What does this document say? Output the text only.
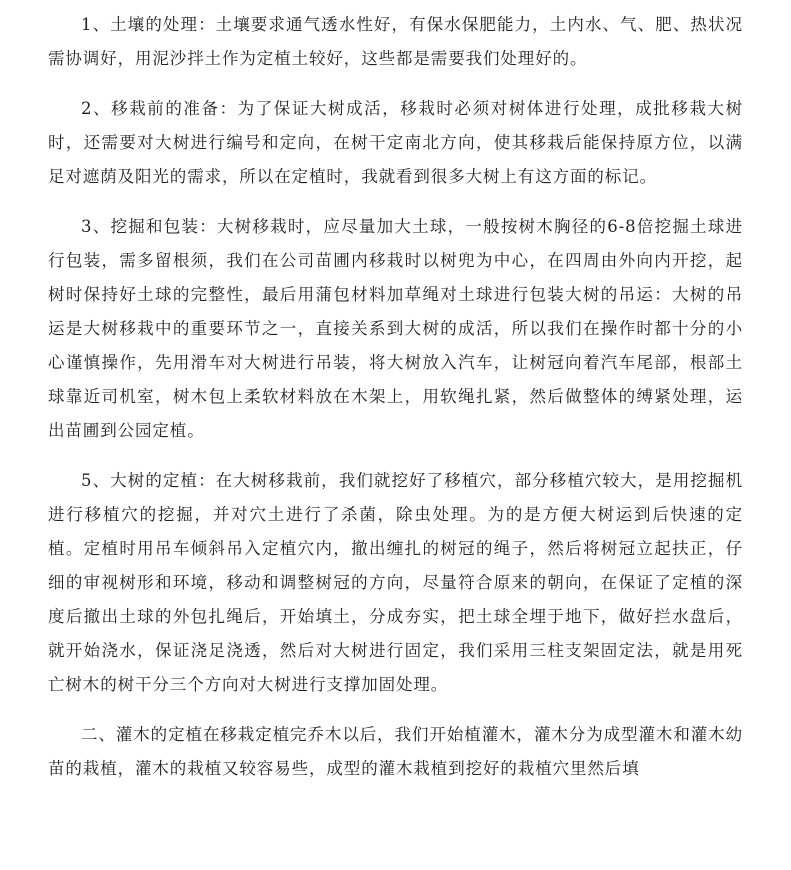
1、土壤的处理：土壤要求通气透水性好，有保水保肥能力，土内水、气、肥、热状况需协调好，用泥沙拌土作为定植土较好，这些都是需要我们处理好的。

2、移栽前的准备：为了保证大树成活，移栽时必须对树体进行处理，成批移栽大树时，还需要对大树进行编号和定向，在树干定南北方向，使其移栽后能保持原方位，以满足对遮荫及阳光的需求，所以在定植时，我就看到很多大树上有这方面的标记。

3、挖掘和包装：大树移栽时，应尽量加大土球，一般按树木胸径的6-8倍挖掘土球进行包装，需多留根须，我们在公司苗圃内移栽时以树兜为中心，在四周由外向内开挖，起树时保持好土球的完整性，最后用蒲包材料加草绳对土球进行包装大树的吊运：大树的吊运是大树移栽中的重要环节之一，直接关系到大树的成活，所以我们在操作时都十分的小心谨慎操作，先用滑车对大树进行吊装，将大树放入汽车，让树冠向着汽车尾部，根部土球靠近司机室，树木包上柔软材料放在木架上，用软绳扎紧，然后做整体的缚紧处理，运出苗圃到公园定植。

5、大树的定植：在大树移栽前，我们就挖好了移植穴，部分移植穴较大，是用挖掘机进行移植穴的挖掘，并对穴土进行了杀菌，除虫处理。为的是方便大树运到后快速的定植。定植时用吊车倾斜吊入定植穴内，撤出缠扎的树冠的绳子，然后将树冠立起扶正，仔细的审视树形和环境，移动和调整树冠的方向，尽量符合原来的朝向，在保证了定植的深度后撤出土球的外包扎绳后，开始填土，分成夯实，把土球全埋于地下，做好拦水盘后，就开始浇水，保证浇足浇透，然后对大树进行固定，我们采用三柱支架固定法，就是用死亡树木的树干分三个方向对大树进行支撑加固处理。

二、灌木的定植在移栽定植完乔木以后，我们开始植灌木，灌木分为成型灌木和灌木幼苗的栽植，灌木的栽植又较容易些，成型的灌木栽植到挖好的栽植穴里然后填
